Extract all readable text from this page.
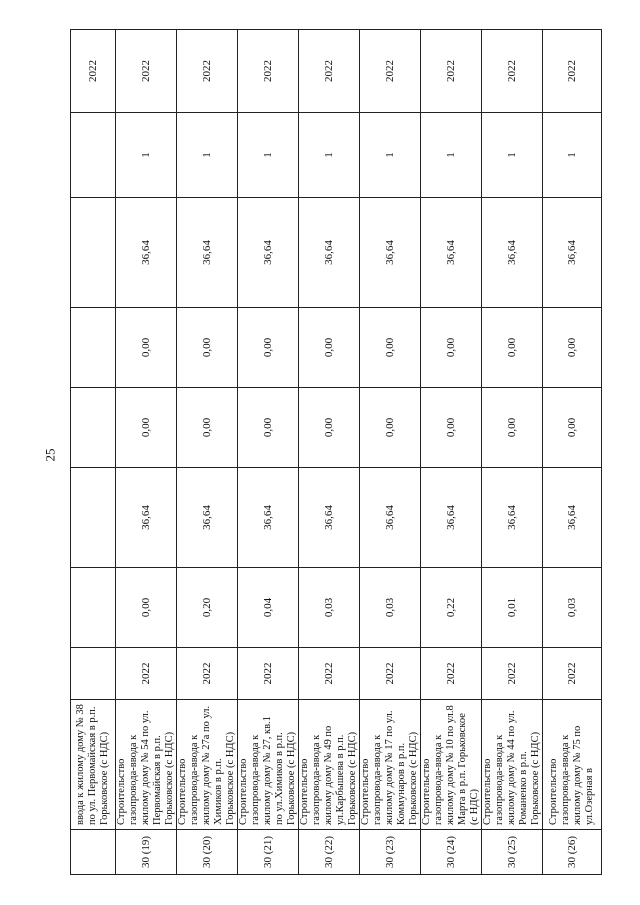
25
	ввода к жилому дому № 38 по ул. Первомайская в р.п. Горьковское (с НДС)								2022	
30 (19)	Строительство газопровода-ввода к жилому дому № 54 по ул. Первомайская в р.п. Горьковское (с НДС)	2022	0,00	36,64	0,00	0,00	36,64	1	2022	
30 (20)	Строительство газопровода-ввода к жилому дому № 27а по ул. Химиков в р.п. Горьковское (с НДС)	2022	0,20	36,64	0,00	0,00	36,64	1	2022	
30 (21)	Строительство газопровода-ввода к жилому дому № 27, кв.1 по ул.Химиков в р.п. Горьковское (с НДС)	2022	0,04	36,64	0,00	0,00	36,64	1	2022	
30 (22)	Строительство газопровода-ввода к жилому дому № 49 по ул.Карбышева в р.п. Горьковское (с НДС)	2022	0,03	36,64	0,00	0,00	36,64	1	2022	
30 (23)	Строительство газопровода-ввода к жилому дому № 17 по ул. Коммунаров в р.п. Горьковское (с НДС)	2022	0,03	36,64	0,00	0,00	36,64	1	2022	
30 (24)	Строительство газопровода-ввода к жилому дому № 10 по ул.8 Марта в р.п. Горьковское (с НДС)	2022	0,22	36,64	0,00	0,00	36,64	1	2022	
30 (25)	Строительство газопровода-ввода к жилому дому № 44 по ул. Романенко в р.п. Горьковское (с НДС)	2022	0,01	36,64	0,00	0,00	36,64	1	2022	
30 (26)	Строительство газопровода-ввода к жилому дому № 75 по ул.Озерная в	2022	0,03	36,64	0,00	0,00	36,64	1	2022	
